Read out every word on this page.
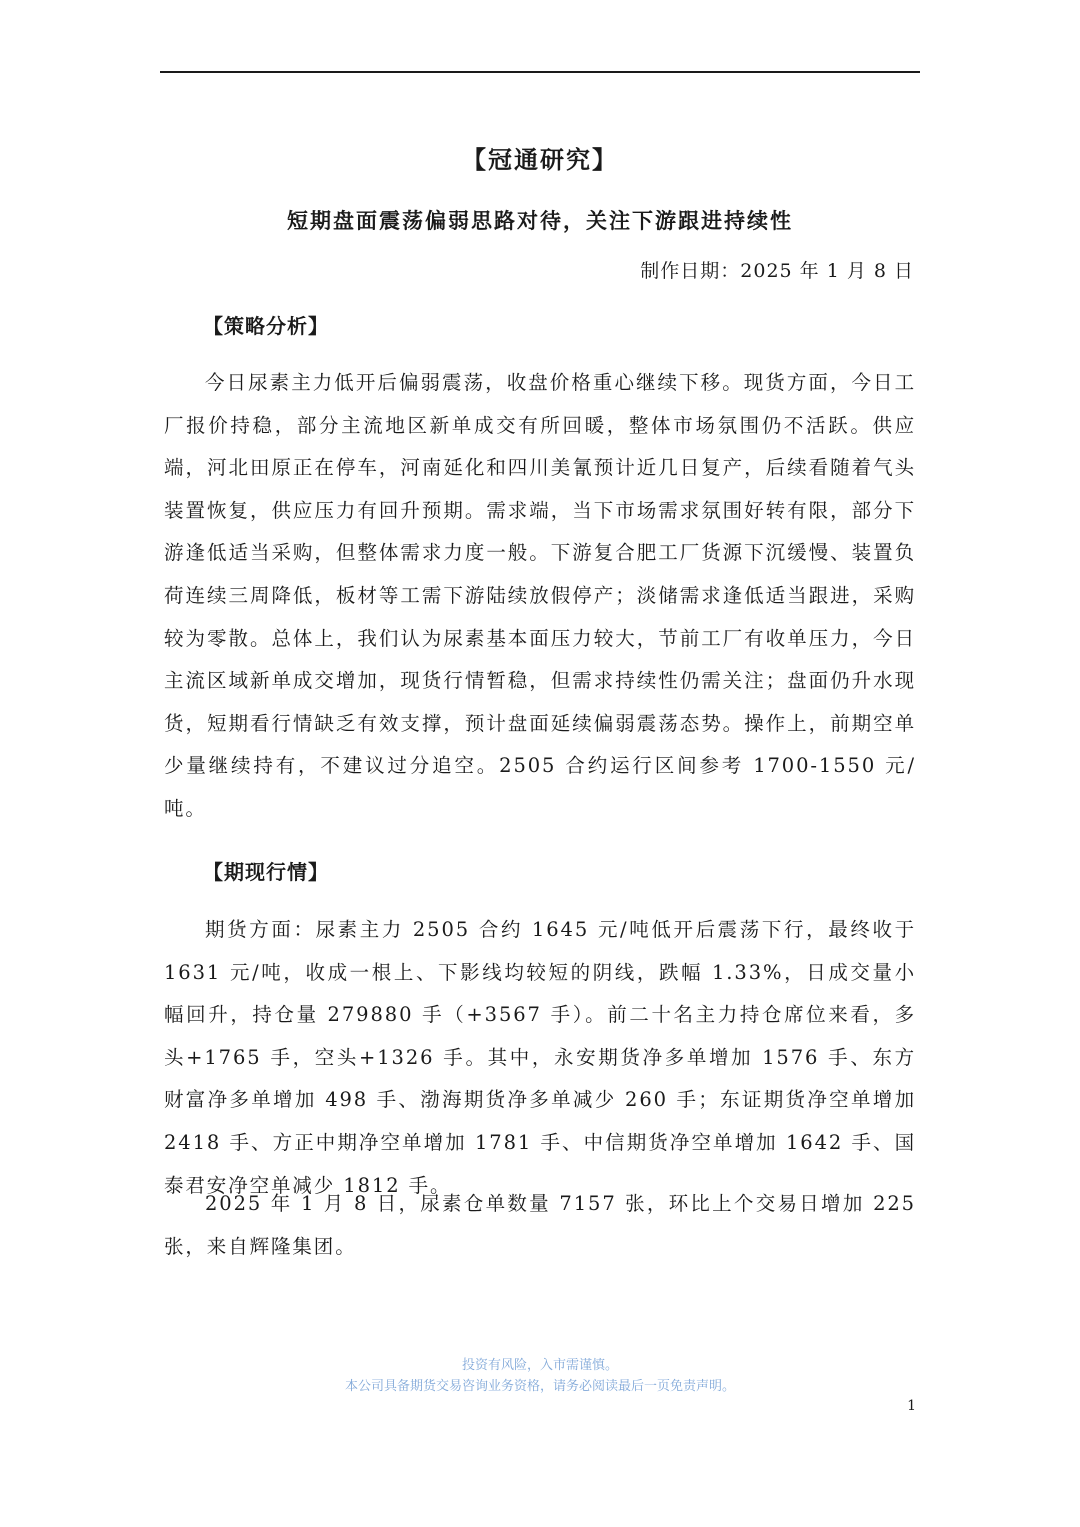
【冠通研究】
短期盘面震荡偏弱思路对待，关注下游跟进持续性
制作日期：2025 年 1 月 8 日
【策略分析】

今日尿素主力低开后偏弱震荡，收盘价格重心继续下移。现货方面，今日工厂报价持稳，部分主流地区新单成交有所回暖，整体市场氛围仍不活跃。供应端，河北田原正在停车，河南延化和四川美氰预计近几日复产，后续看随着气头装置恢复，供应压力有回升预期。需求端，当下市场需求氛围好转有限，部分下游逢低适当采购，但整体需求力度一般。下游复合肥工厂货源下沉缓慢、装置负荷连续三周降低，板材等工需下游陆续放假停产；淡储需求逢低适当跟进，采购较为零散。总体上，我们认为尿素基本面压力较大，节前工厂有收单压力，今日主流区域新单成交增加，现货行情暂稳，但需求持续性仍需关注；盘面仍升水现货，短期看行情缺乏有效支撑，预计盘面延续偏弱震荡态势。操作上，前期空单少量继续持有，不建议过分追空。2505 合约运行区间参考 1700-1550 元/吨。

【期现行情】

期货方面：尿素主力 2505 合约 1645 元/吨低开后震荡下行，最终收于 1631 元/吨，收成一根上、下影线均较短的阴线，跌幅 1.33%，日成交量小幅回升，持仓量 279880 手（+3567 手）。前二十名主力持仓席位来看，多头+1765 手，空头+1326 手。其中，永安期货净多单增加 1576 手、东方财富净多单增加 498 手、渤海期货净多单减少 260 手；东证期货净空单增加 2418 手、方正中期净空单增加 1781 手、中信期货净空单增加 1642 手、国泰君安净空单减少 1812 手。

2025 年 1 月 8 日，尿素仓单数量 7157 张，环比上个交易日增加 225 张，来自辉隆集团。

投资有风险，入市需谨慎。
本公司具备期货交易咨询业务资格，请务必阅读最后一页免责声明。
1
